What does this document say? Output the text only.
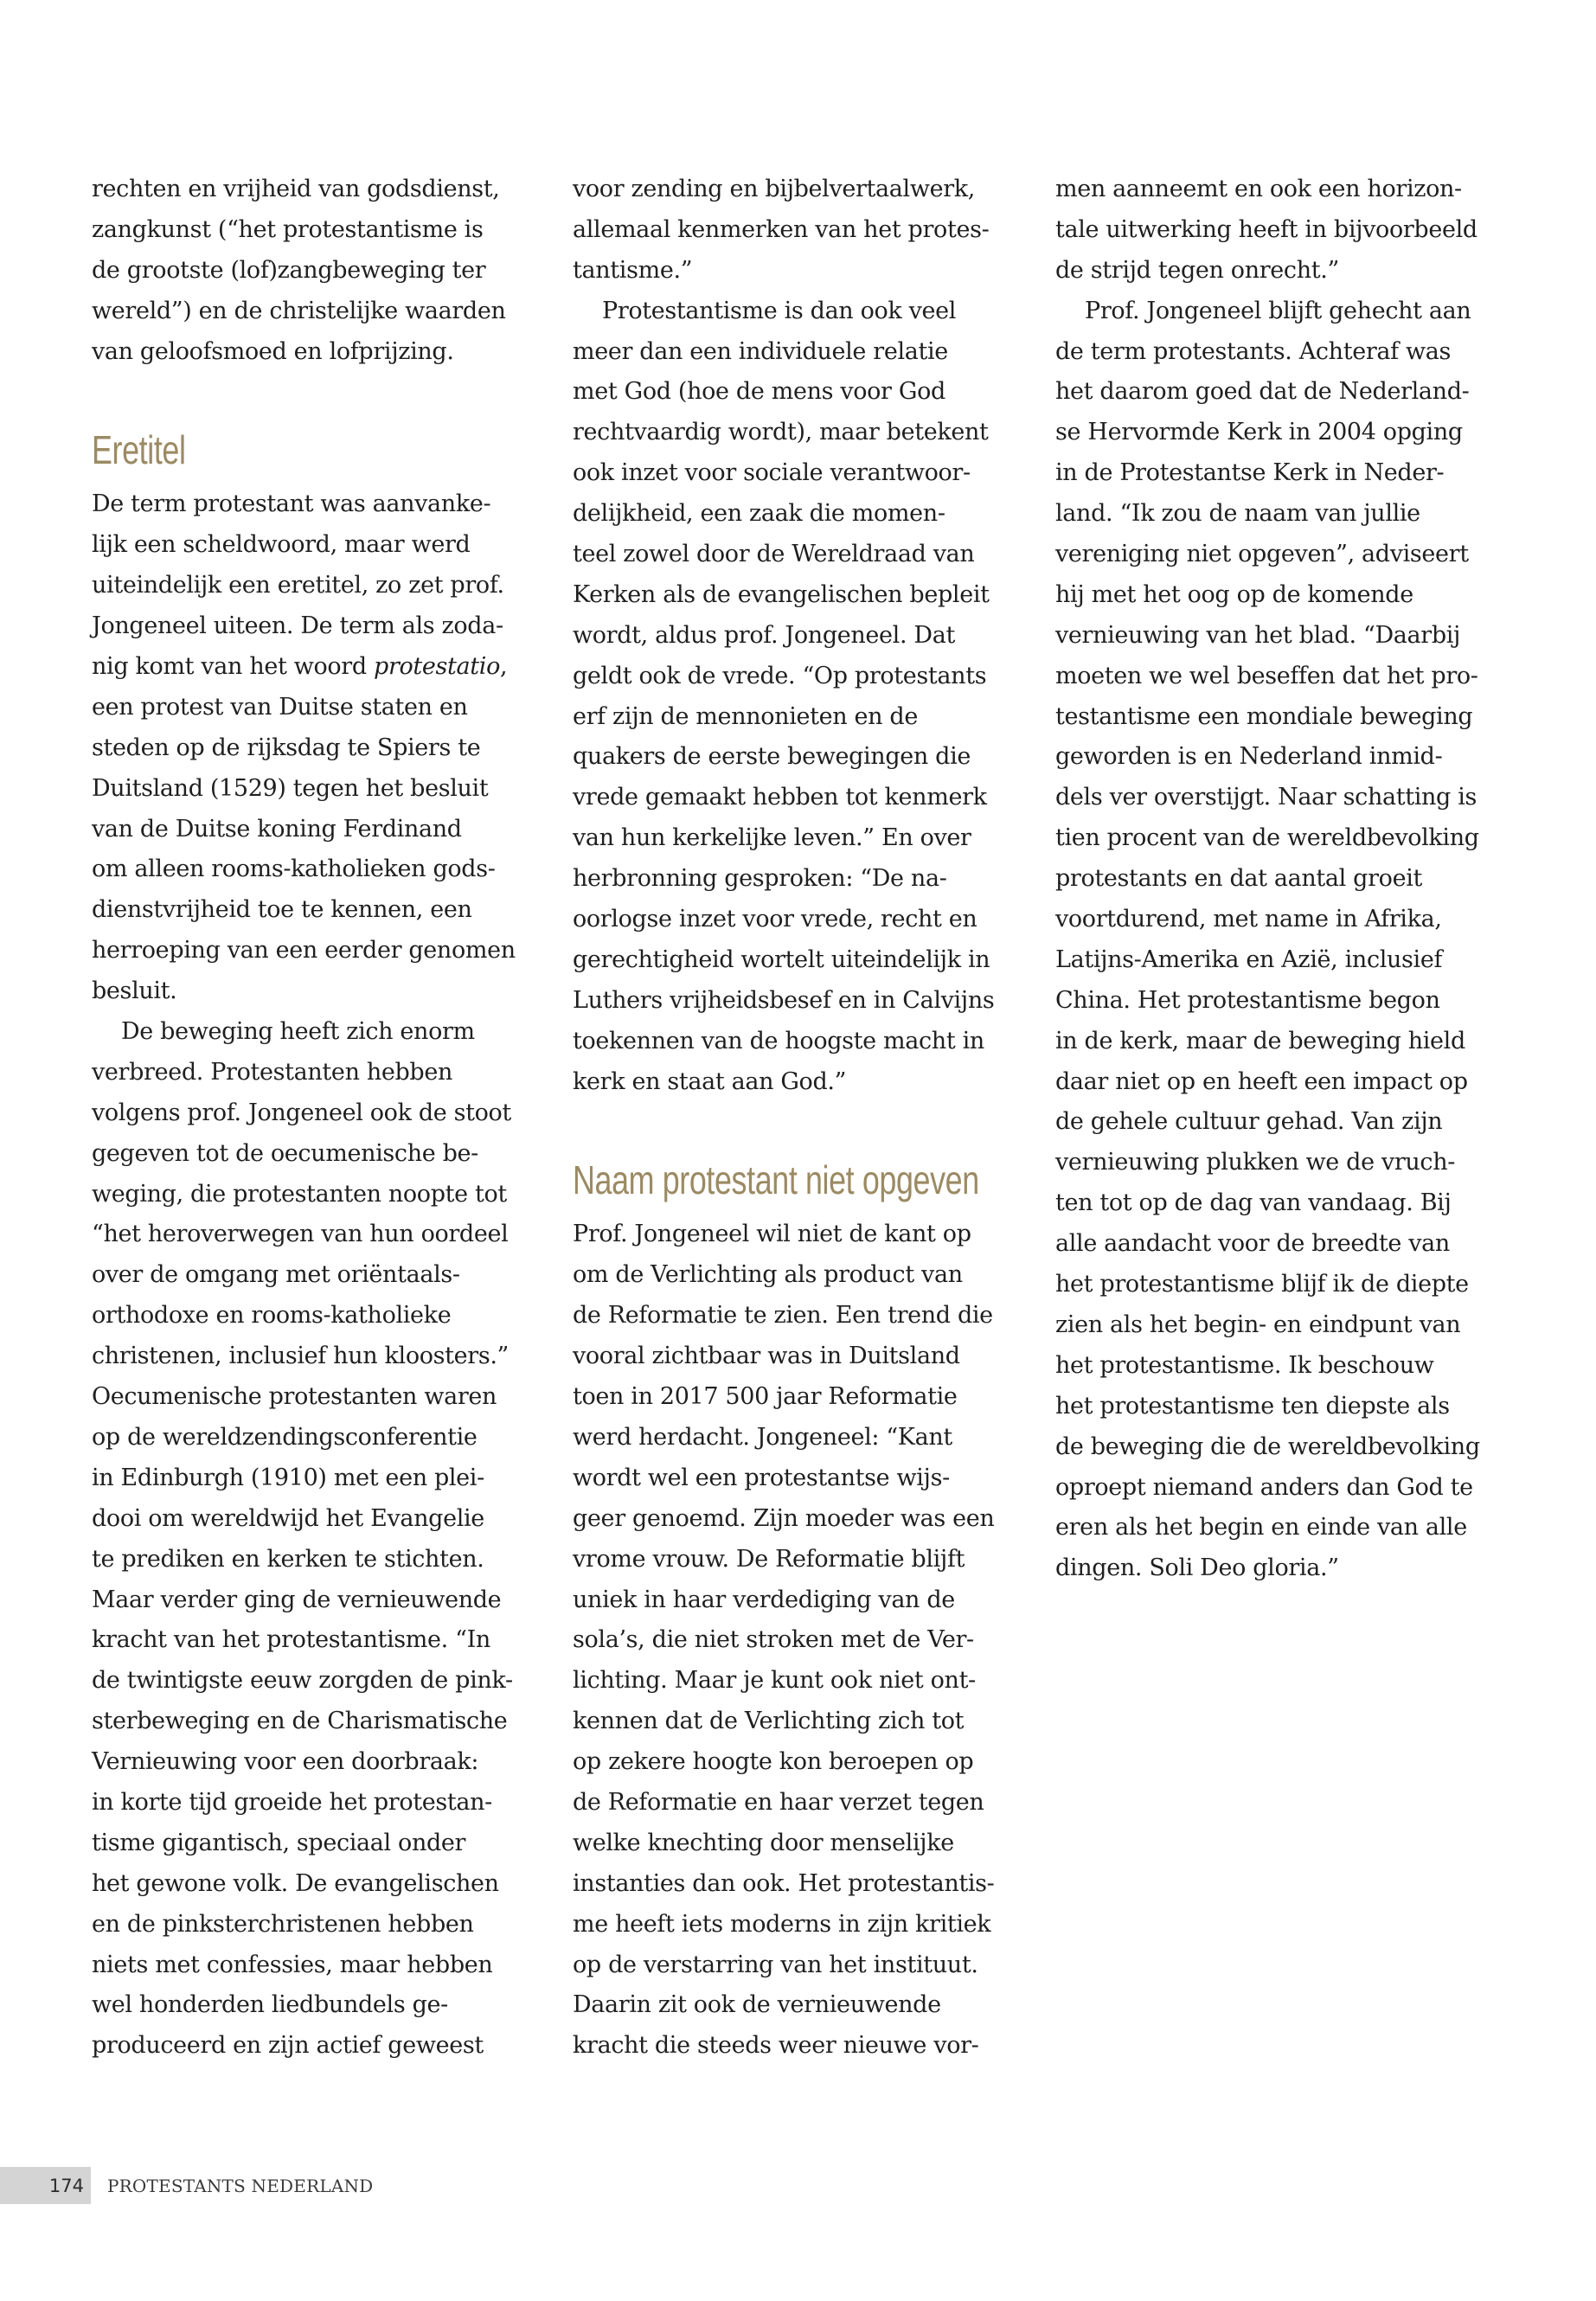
rechten en vrijheid van godsdienst,
zangkunst (“het protestantisme is
de grootste (lof)zangbeweging ter
wereld”) en de christelijke waarden
van geloofsmoed en lofprijzing.
Eretitel
De term protestant was aanvanke-
lijk een scheldwoord, maar werd
uiteindelijk een eretitel, zo zet prof.
Jongeneel uiteen. De term als zoda-
nig komt van het woord protestatio,
een protest van Duitse staten en
steden op de rijksdag te Spiers te
Duitsland (1529) tegen het besluit
van de Duitse koning Ferdinand
om alleen rooms-katholieken gods-
dienstvrijheid toe te kennen, een
herroeping van een eerder genomen
besluit.
De beweging heeft zich enorm
verbreed. Protestanten hebben
volgens prof. Jongeneel ook de stoot
gegeven tot de oecumenische be-
weging, die protestanten noopte tot
“het heroverwegen van hun oordeel
over de omgang met oriëntaals-
orthodoxe en rooms-katholieke
christenen, inclusief hun kloosters.”
Oecumenische protestanten waren
op de wereldzendingsconferentie
in Edinburgh (1910) met een plei-
dooi om wereldwijd het Evangelie
te prediken en kerken te stichten.
Maar verder ging de vernieuwende
kracht van het protestantisme. “In
de twintigste eeuw zorgden de pink-
sterbeweging en de Charismatische
Vernieuwing voor een doorbraak:
in korte tijd groeide het protestan-
tisme gigantisch, speciaal onder
het gewone volk. De evangelischen
en de pinksterchristenen hebben
niets met confessies, maar hebben
wel honderden liedbundels ge-
produceerd en zijn actief geweest
voor zending en bijbelvertaalwerk,
allemaal kenmerken van het protes-
tantisme.”
Protestantisme is dan ook veel
meer dan een individuele relatie
met God (hoe de mens voor God
rechtvaardig wordt), maar betekent
ook inzet voor sociale verantwoor-
delijkheid, een zaak die momen-
teel zowel door de Wereldraad van
Kerken als de evangelischen bepleit
wordt, aldus prof. Jongeneel. Dat
geldt ook de vrede. “Op protestants
erf zijn de mennonieten en de
quakers de eerste bewegingen die
vrede gemaakt hebben tot kenmerk
van hun kerkelijke leven.” En over
herbronning gesproken: “De na-
oorlogse inzet voor vrede, recht en
gerechtigheid wortelt uiteindelijk in
Luthers vrijheidsbesef en in Calvijns
toekennen van de hoogste macht in
kerk en staat aan God.”
Naam protestant niet opgeven
Prof. Jongeneel wil niet de kant op
om de Verlichting als product van
de Reformatie te zien. Een trend die
vooral zichtbaar was in Duitsland
toen in 2017 500 jaar Reformatie
werd herdacht. Jongeneel: “Kant
wordt wel een protestantse wijs-
geer genoemd. Zijn moeder was een
vrome vrouw. De Reformatie blijft
uniek in haar verdediging van de
sola’s, die niet stroken met de Ver-
lichting. Maar je kunt ook niet ont-
kennen dat de Verlichting zich tot
op zekere hoogte kon beroepen op
de Reformatie en haar verzet tegen
welke knechting door menselijke
instanties dan ook. Het protestantis-
me heeft iets moderns in zijn kritiek
op de verstarring van het instituut.
Daarin zit ook de vernieuwende
kracht die steeds weer nieuwe vor-
men aanneemt en ook een horizon-
tale uitwerking heeft in bijvoorbeeld
de strijd tegen onrecht.”
Prof. Jongeneel blijft gehecht aan
de term protestants. Achteraf was
het daarom goed dat de Nederland-
se Hervormde Kerk in 2004 opging
in de Protestantse Kerk in Neder-
land. “Ik zou de naam van jullie
vereniging niet opgeven”, adviseert
hij met het oog op de komende
vernieuwing van het blad. “Daarbij
moeten we wel beseffen dat het pro-
testantisme een mondiale beweging
geworden is en Nederland inmid-
dels ver overstijgt. Naar schatting is
tien procent van de wereldbevolking
protestants en dat aantal groeit
voortdurend, met name in Afrika,
Latijns-Amerika en Azië, inclusief
China. Het protestantisme begon
in de kerk, maar de beweging hield
daar niet op en heeft een impact op
de gehele cultuur gehad. Van zijn
vernieuwing plukken we de vruch-
ten tot op de dag van vandaag. Bij
alle aandacht voor de breedte van
het protestantisme blijf ik de diepte
zien als het begin- en eindpunt van
het protestantisme. Ik beschouw
het protestantisme ten diepste als
de beweging die de wereldbevolking
oproept niemand anders dan God te
eren als het begin en einde van alle
dingen. Soli Deo gloria.”
174	PROTESTANTS NEDERLAND
